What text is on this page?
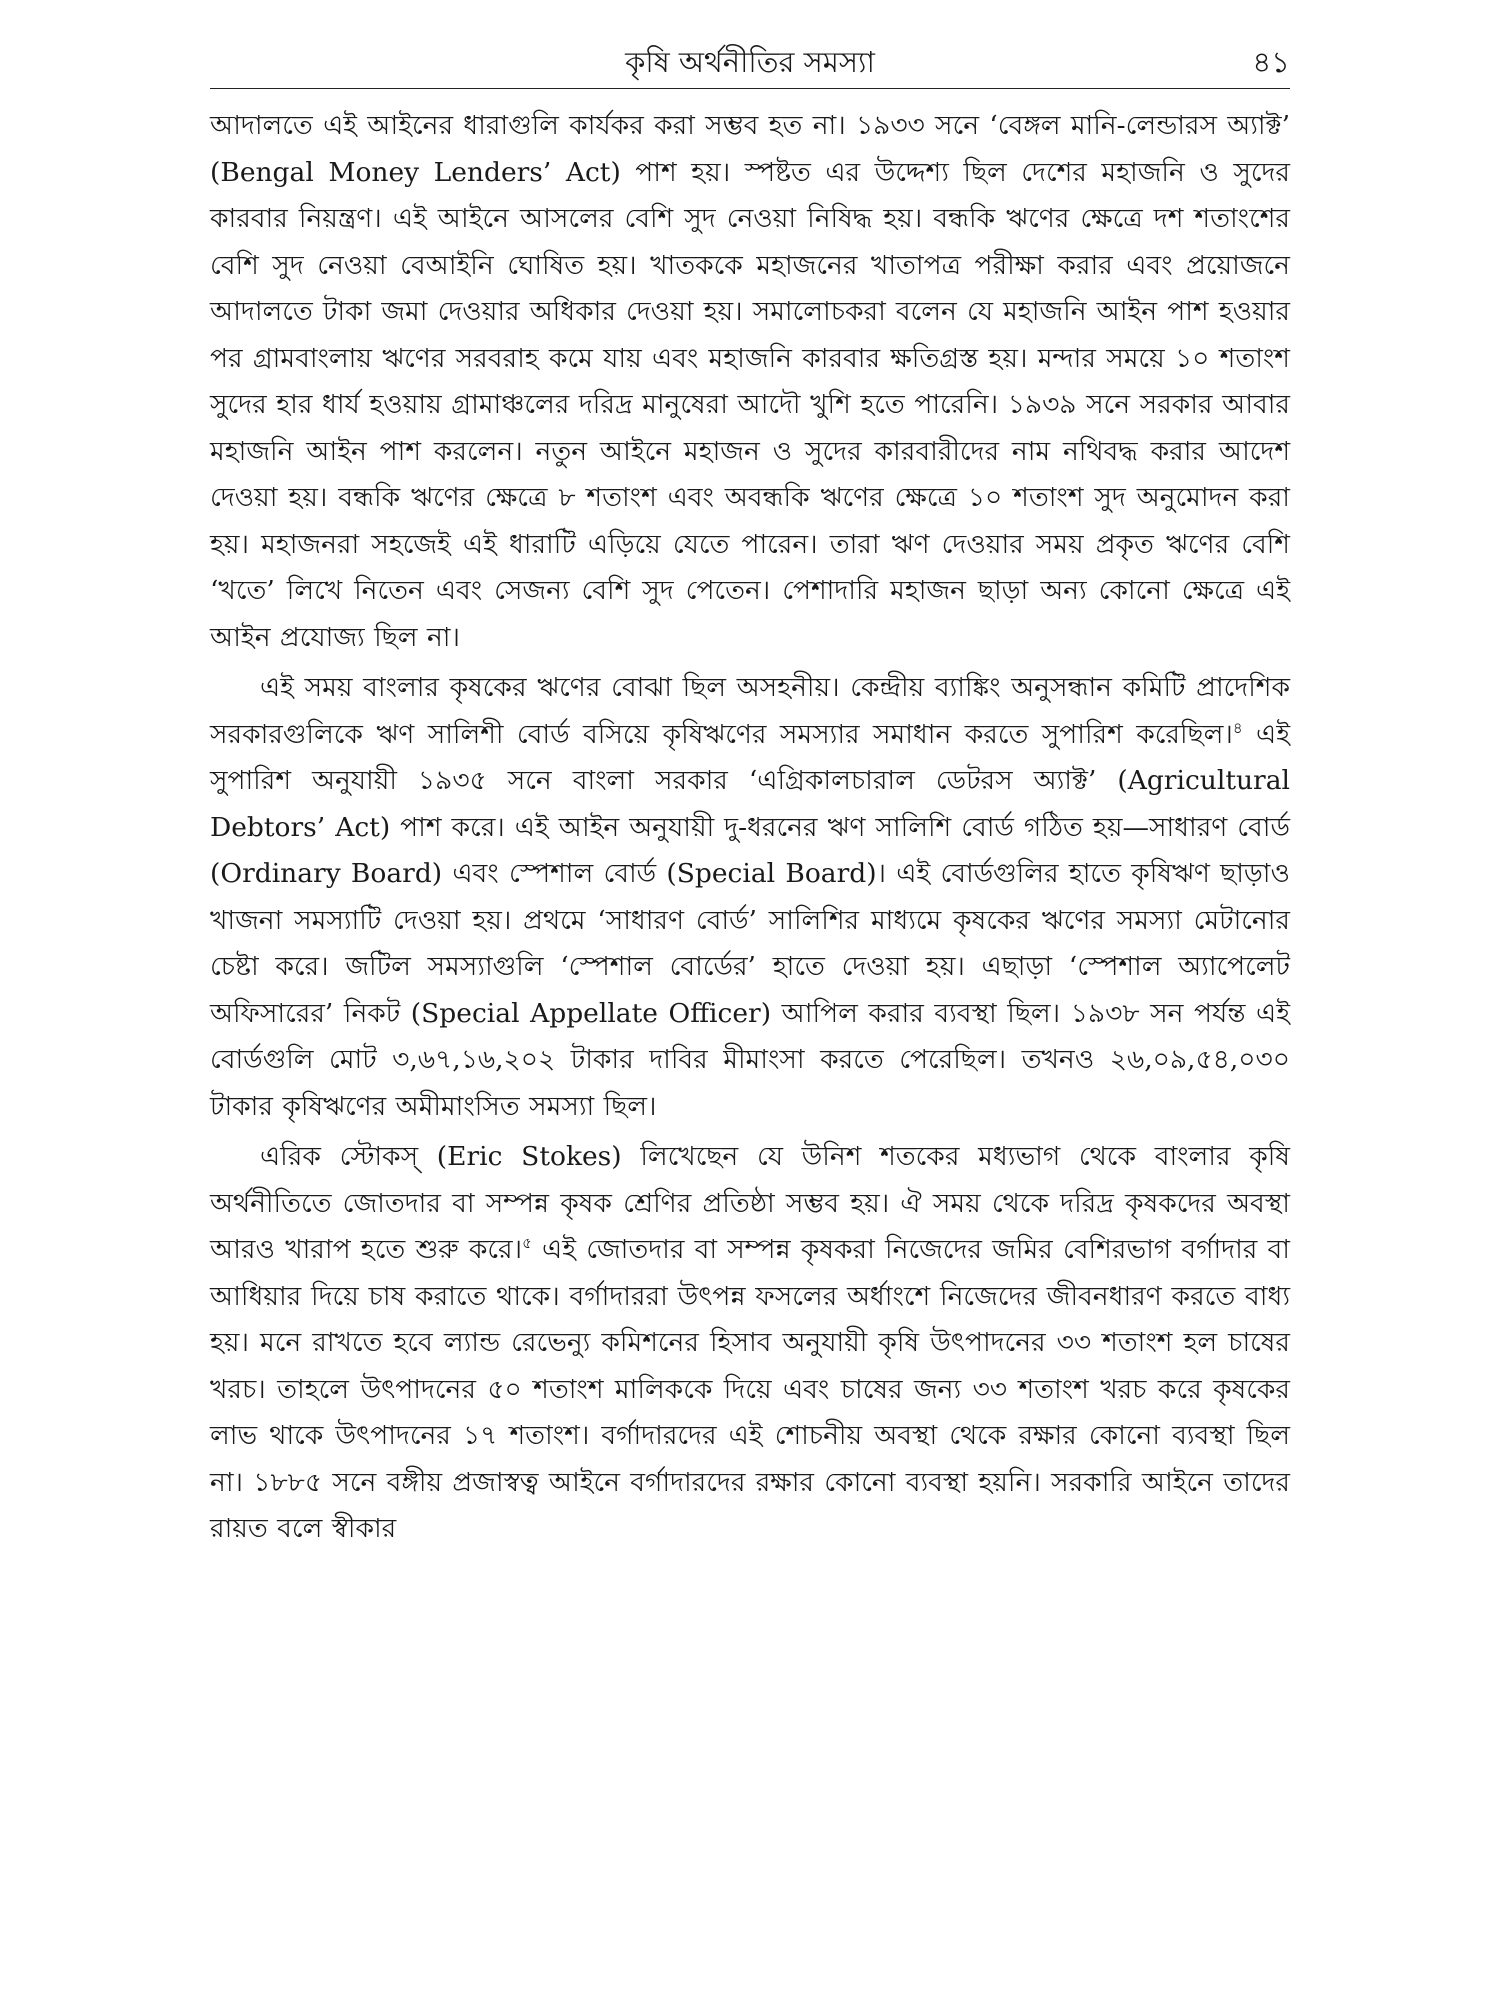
কৃষি অর্থনীতির সমস্যা	৪১

আদালতে এই আইনের ধারাগুলি কার্যকর করা সম্ভব হত না। ১৯৩৩ সনে ‘বেঙ্গল মানি-লেন্ডারস অ্যাক্ট’ (Bengal Money Lenders’ Act) পাশ হয়। স্পষ্টত এর উদ্দেশ্য ছিল দেশের মহাজনি ও সুদের কারবার নিয়ন্ত্রণ। এই আইনে আসলের বেশি সুদ নেওয়া নিষিদ্ধ হয়। বন্ধকি ঋণের ক্ষেত্রে দশ শতাংশের বেশি সুদ নেওয়া বেআইনি ঘোষিত হয়। খাতককে মহাজনের খাতাপত্র পরীক্ষা করার এবং প্রয়োজনে আদালতে টাকা জমা দেওয়ার অধিকার দেওয়া হয়। সমালোচকরা বলেন যে মহাজনি আইন পাশ হওয়ার পর গ্রামবাংলায় ঋণের সরবরাহ কমে যায় এবং মহাজনি কারবার ক্ষতিগ্রস্ত হয়। মন্দার সময়ে ১০ শতাংশ সুদের হার ধার্য হওয়ায় গ্রামাঞ্চলের দরিদ্র মানুষেরা আদৌ খুশি হতে পারেনি। ১৯৩৯ সনে সরকার আবার মহাজনি আইন পাশ করলেন। নতুন আইনে মহাজন ও সুদের কারবারীদের নাম নথিবদ্ধ করার আদেশ দেওয়া হয়। বন্ধকি ঋণের ক্ষেত্রে ৮ শতাংশ এবং অবন্ধকি ঋণের ক্ষেত্রে ১০ শতাংশ সুদ অনুমোদন করা হয়। মহাজনরা সহজেই এই ধারাটি এড়িয়ে যেতে পারেন। তারা ঋণ দেওয়ার সময় প্রকৃত ঋণের বেশি ‘খতে’ লিখে নিতেন এবং সেজন্য বেশি সুদ পেতেন। পেশাদারি মহাজন ছাড়া অন্য কোনো ক্ষেত্রে এই আইন প্রযোজ্য ছিল না।

এই সময় বাংলার কৃষকের ঋণের বোঝা ছিল অসহনীয়। কেন্দ্রীয় ব্যাঙ্কিং অনুসন্ধান কমিটি প্রাদেশিক সরকারগুলিকে ঋণ সালিশী বোর্ড বসিয়ে কৃষিঋণের সমস্যার সমাধান করতে সুপারিশ করেছিল।$^৪$ এই সুপারিশ অনুযায়ী ১৯৩৫ সনে বাংলা সরকার ‘এগ্রিকালচারাল ডেটরস অ্যাক্ট’ (Agricultural Debtors’ Act) পাশ করে। এই আইন অনুযায়ী দু-ধরনের ঋণ সালিশি বোর্ড গঠিত হয়—সাধারণ বোর্ড (Ordinary Board) এবং স্পেশাল বোর্ড (Special Board)। এই বোর্ডগুলির হাতে কৃষিঋণ ছাড়াও খাজনা সমস্যাটি দেওয়া হয়। প্রথমে ‘সাধারণ বোর্ড’ সালিশির মাধ্যমে কৃষকের ঋণের সমস্যা মেটানোর চেষ্টা করে। জটিল সমস্যাগুলি ‘স্পেশাল বোর্ডের’ হাতে দেওয়া হয়। এছাড়া ‘স্পেশাল অ্যাপেলেট অফিসারের’ নিকট (Special Appellate Officer) আপিল করার ব্যবস্থা ছিল। ১৯৩৮ সন পর্যন্ত এই বোর্ডগুলি মোট ৩,৬৭,১৬,২০২ টাকার দাবির মীমাংসা করতে পেরেছিল। তখনও ২৬,০৯,৫৪,০৩০ টাকার কৃষিঋণের অমীমাংসিত সমস্যা ছিল।

এরিক স্টোকস্ (Eric Stokes) লিখেছেন যে উনিশ শতকের মধ্যভাগ থেকে বাংলার কৃষি অর্থনীতিতে জোতদার বা সম্পন্ন কৃষক শ্রেণির প্রতিষ্ঠা সম্ভব হয়। ঐ সময় থেকে দরিদ্র কৃষকদের অবস্থা আরও খারাপ হতে শুরু করে।$^৫$ এই জোতদার বা সম্পন্ন কৃষকরা নিজেদের জমির বেশিরভাগ বর্গাদার বা আধিয়ার দিয়ে চাষ করাতে থাকে। বর্গাদাররা উৎপন্ন ফসলের অর্ধাংশে নিজেদের জীবনধারণ করতে বাধ্য হয়। মনে রাখতে হবে ল্যান্ড রেভেন্যু কমিশনের হিসাব অনুযায়ী কৃষি উৎপাদনের ৩৩ শতাংশ হল চাষের খরচ। তাহলে উৎপাদনের ৫০ শতাংশ মালিককে দিয়ে এবং চাষের জন্য ৩৩ শতাংশ খরচ করে কৃষকের লাভ থাকে উৎপাদনের ১৭ শতাংশ। বর্গাদারদের এই শোচনীয় অবস্থা থেকে রক্ষার কোনো ব্যবস্থা ছিল না। ১৮৮৫ সনে বঙ্গীয় প্রজাস্বত্ব আইনে বর্গাদারদের রক্ষার কোনো ব্যবস্থা হয়নি। সরকারি আইনে তাদের রায়ত বলে স্বীকার
